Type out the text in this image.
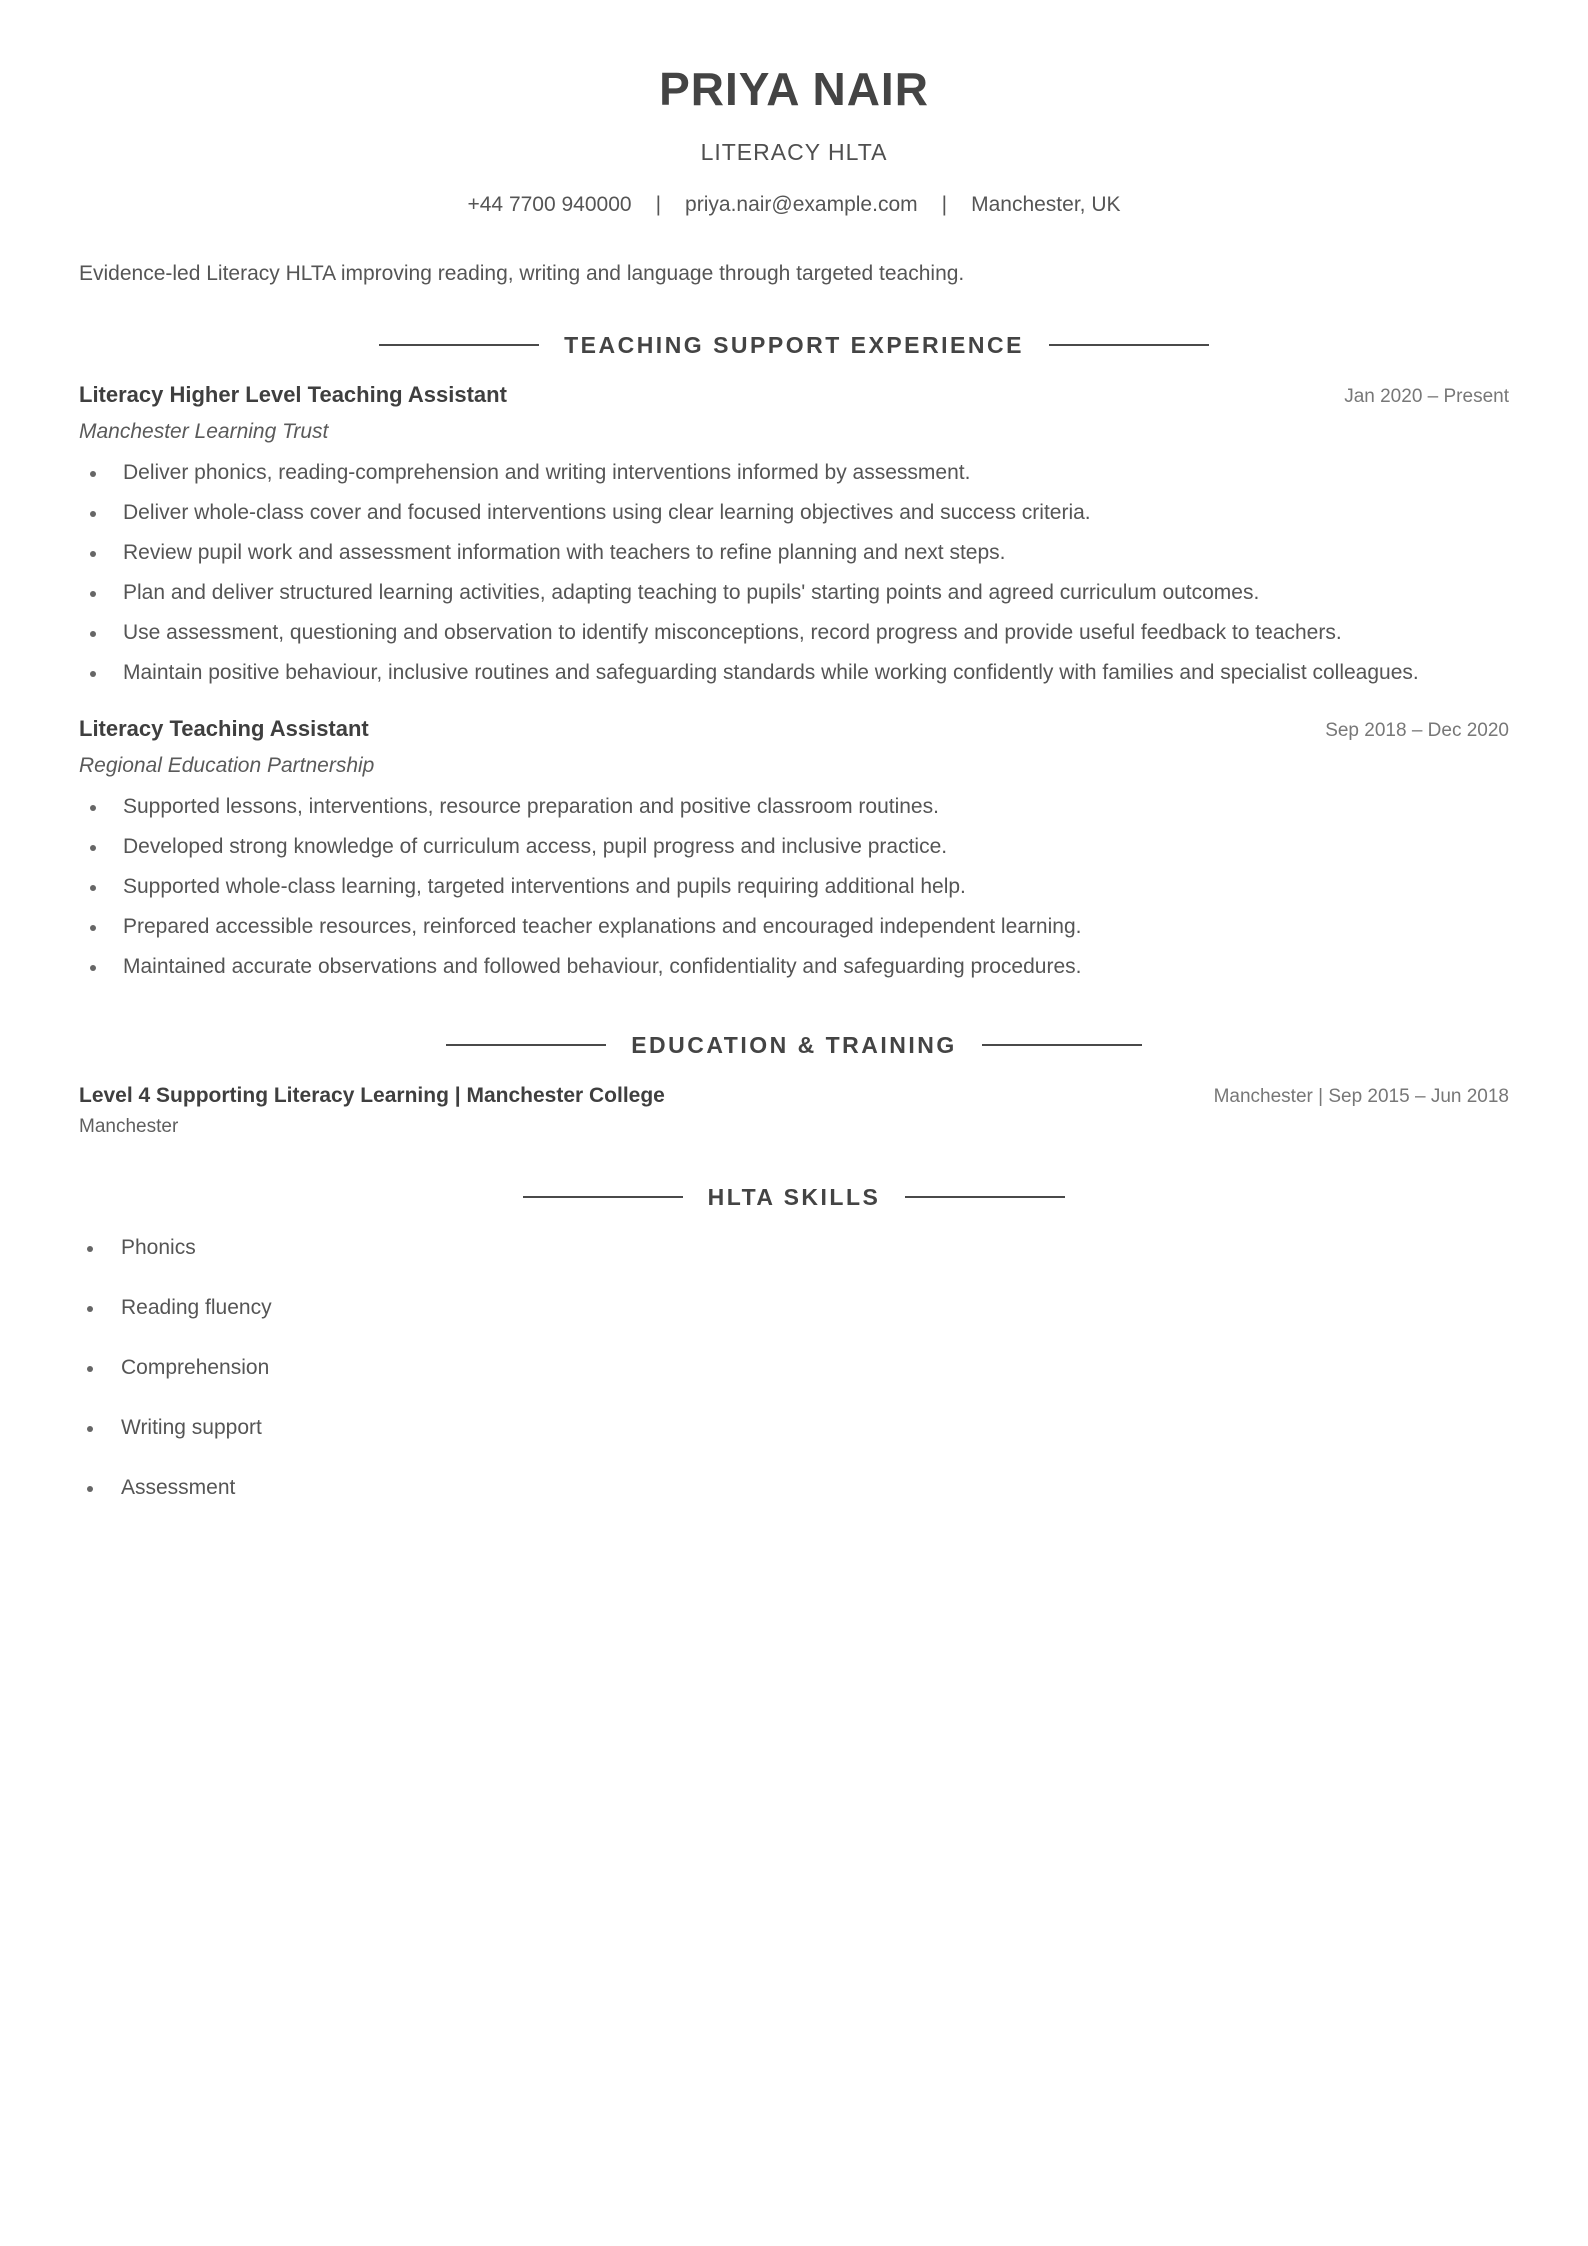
PRIYA NAIR
LITERACY HLTA
+44 7700 940000 | priya.nair@example.com | Manchester, UK
Evidence-led Literacy HLTA improving reading, writing and language through targeted teaching.
TEACHING SUPPORT EXPERIENCE
Literacy Higher Level Teaching Assistant	Jan 2020 – Present
Manchester Learning Trust
Deliver phonics, reading-comprehension and writing interventions informed by assessment.
Deliver whole-class cover and focused interventions using clear learning objectives and success criteria.
Review pupil work and assessment information with teachers to refine planning and next steps.
Plan and deliver structured learning activities, adapting teaching to pupils' starting points and agreed curriculum outcomes.
Use assessment, questioning and observation to identify misconceptions, record progress and provide useful feedback to teachers.
Maintain positive behaviour, inclusive routines and safeguarding standards while working confidently with families and specialist colleagues.
Literacy Teaching Assistant	Sep 2018 – Dec 2020
Regional Education Partnership
Supported lessons, interventions, resource preparation and positive classroom routines.
Developed strong knowledge of curriculum access, pupil progress and inclusive practice.
Supported whole-class learning, targeted interventions and pupils requiring additional help.
Prepared accessible resources, reinforced teacher explanations and encouraged independent learning.
Maintained accurate observations and followed behaviour, confidentiality and safeguarding procedures.
EDUCATION & TRAINING
Level 4 Supporting Literacy Learning | Manchester College	Manchester | Sep 2015 – Jun 2018
Manchester
HLTA SKILLS
Phonics
Reading fluency
Comprehension
Writing support
Assessment
